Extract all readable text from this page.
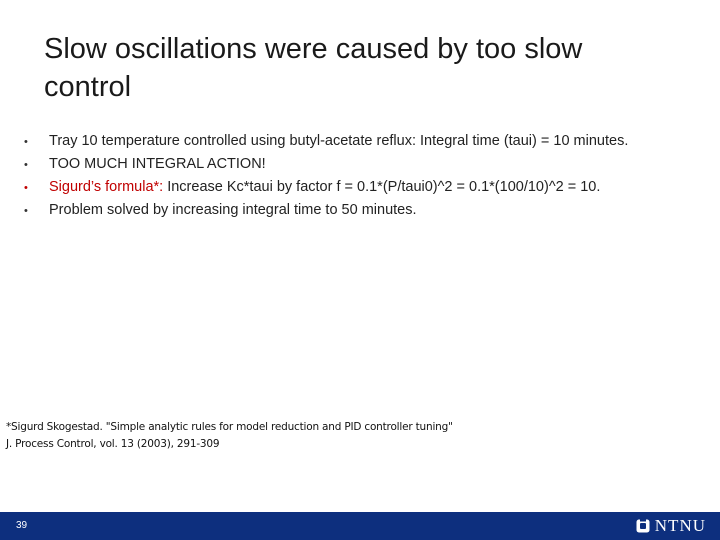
Slow oscillations were caused by too slow control
•	Tray 10 temperature controlled using butyl-acetate reflux: Integral time (taui) = 10 minutes.
•	TOO MUCH INTEGRAL ACTION!
•	Sigurd’s formula*: Increase Kc*taui by factor f = 0.1*(P/taui0)^2 = 0.1*(100/10)^2 = 10.
•	Problem solved by increasing integral time to 50 minutes.
*Sigurd Skogestad. "Simple analytic rules for model reduction and PID controller tuning"
J. Process Control, vol. 13 (2003), 291-309
39	NTNU
